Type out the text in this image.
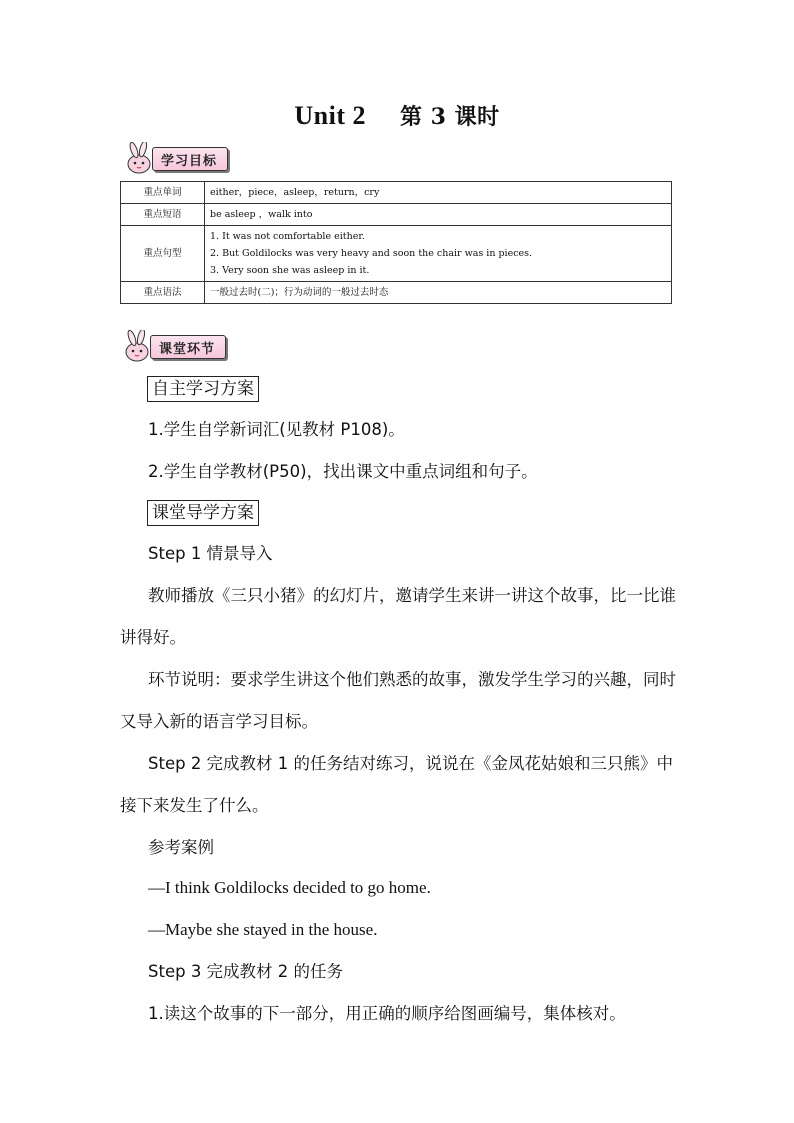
Unit 2 第 3 课时
学习目标
重点单词	either，piece，asleep，return，cry

重点短语	be asleep ，walk into

重点句型	1. It was not comfortable either.
2. But Goldilocks was very heavy and soon the chair was in pieces.
3. Very soon she was asleep in it.

重点语法	一般过去时(二)；行为动词的一般过去时态
课堂环节
自主学习方案
1.学生自学新词汇(见教材 P108)。
2.学生自学教材(P50)，找出课文中重点词组和句子。
课堂导学方案
Step 1 情景导入
教师播放《三只小猪》的幻灯片，邀请学生来讲一讲这个故事，比一比谁讲得好。
环节说明：要求学生讲这个他们熟悉的故事，激发学生学习的兴趣，同时又导入新的语言学习目标。
Step 2 完成教材 1 的任务结对练习，说说在《金凤花姑娘和三只熊》中接下来发生了什么。
参考案例
—I think Goldilocks decided to go home.
—Maybe she stayed in the house.
Step 3 完成教材 2 的任务
1.读这个故事的下一部分，用正确的顺序给图画编号，集体核对。
